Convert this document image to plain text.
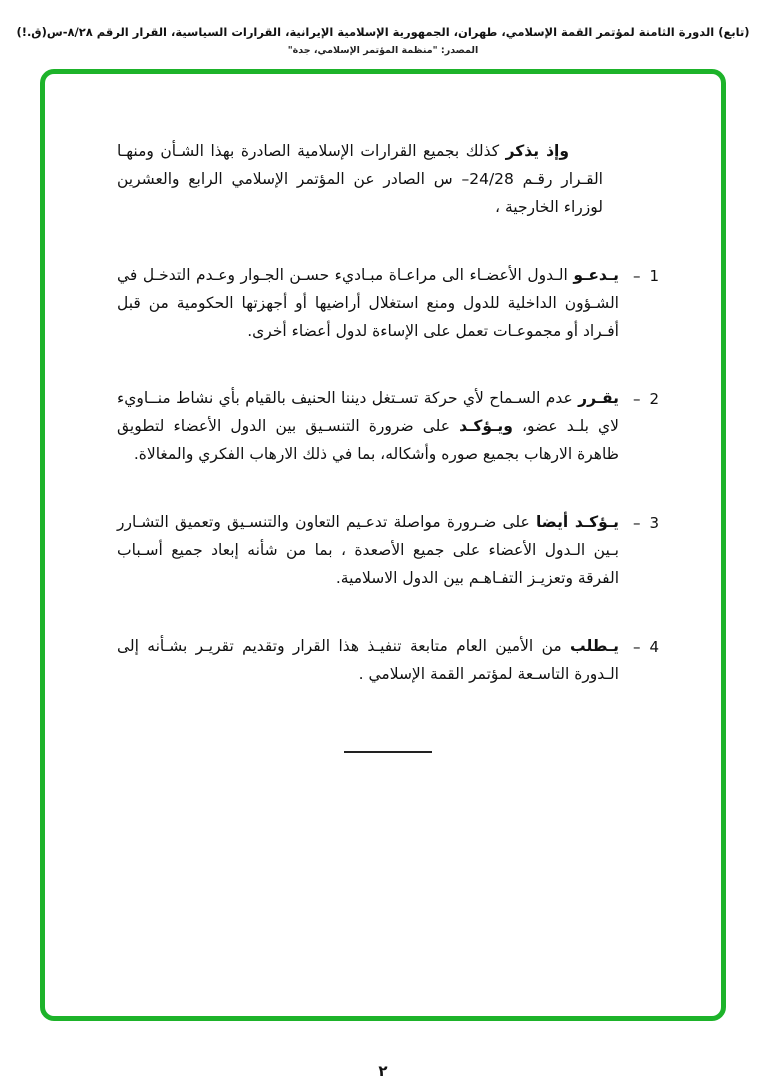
(تابع) الدورة الثامنة لمؤتمر القمة الإسلامي، طهران، الجمهورية الإسلامية الإيرانية، القرارات السياسية، القرار الرقم ٨/٢٨-س(ق.!)
المصدر: "منظمة المؤتمر الإسلامي، جدة"

وإذ يذكر كذلك بجميع القرارات الإسلامية الصادرة بهذا الشـأن ومنهـا القـرار رقـم 24/28– س الصادر عن المؤتمر الإسلامي الرابع والعشرين لوزراء الخارجية ،

1–

يـدعـو الـدول الأعضـاء الى مراعـاة مبـاديء حسـن الجـوار وعـدم التدخـل في الشـؤون الداخلية للدول ومنع استغلال أراضيها أو أجهزتها الحكومية من قبل أفـراد أو مجموعـات تعمل على الإساءة لدول أعضاء أخرى.

2–

يقـرر عدم السـماح لأي حركة تسـتغل ديننا الحنيف بالقيام بأي نشاط منــاويء لاي بلـد عضو، ويـؤكـد على ضرورة التنسـيق بين الدول الأعضاء لتطويق ظاهرة الارهاب بجميع صوره وأشكاله، بما في ذلك الارهاب الفكري والمغالاة.

3–

يـؤكـد أيضا على ضـرورة مواصلة تدعـيم التعاون والتنسـيق وتعميق التشـارر بـين الـدول الأعضاء على جميع الأصعدة ، بما من شأنه إبعاد جميع أسـباب الفرقة وتعزيـز التفـاهـم بين الدول الاسلامية.

4–

يـطلب من الأمين العام متابعة تنفيـذ هذا القرار وتقديم تقريـر بشـأنه إلى الـدورة التاسـعة لمؤتمر القمة الإسلامي .

٢
